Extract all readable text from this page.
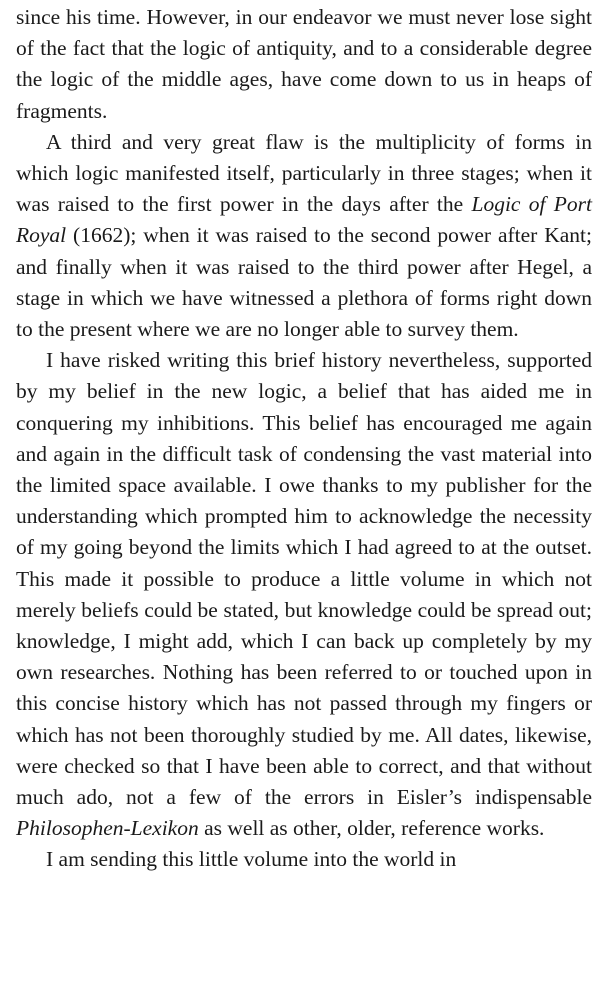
since his time. However, in our endeavor we must never lose sight of the fact that the logic of antiquity, and to a considerable degree the logic of the middle ages, have come down to us in heaps of fragments.

A third and very great flaw is the multiplicity of forms in which logic manifested itself, particularly in three stages; when it was raised to the first power in the days after the Logic of Port Royal (1662); when it was raised to the second power after Kant; and finally when it was raised to the third power after Hegel, a stage in which we have witnessed a plethora of forms right down to the present where we are no longer able to survey them.

I have risked writing this brief history nevertheless, supported by my belief in the new logic, a belief that has aided me in conquering my inhibitions. This belief has encouraged me again and again in the difficult task of condensing the vast material into the limited space available. I owe thanks to my publisher for the understanding which prompted him to acknowledge the necessity of my going beyond the limits which I had agreed to at the outset. This made it possible to produce a little volume in which not merely beliefs could be stated, but knowledge could be spread out; knowledge, I might add, which I can back up completely by my own researches. Nothing has been referred to or touched upon in this concise history which has not passed through my fingers or which has not been thoroughly studied by me. All dates, likewise, were checked so that I have been able to correct, and that without much ado, not a few of the errors in Eisler’s indispensable Philosophen-Lexikon as well as other, older, reference works.

I am sending this little volume into the world in
